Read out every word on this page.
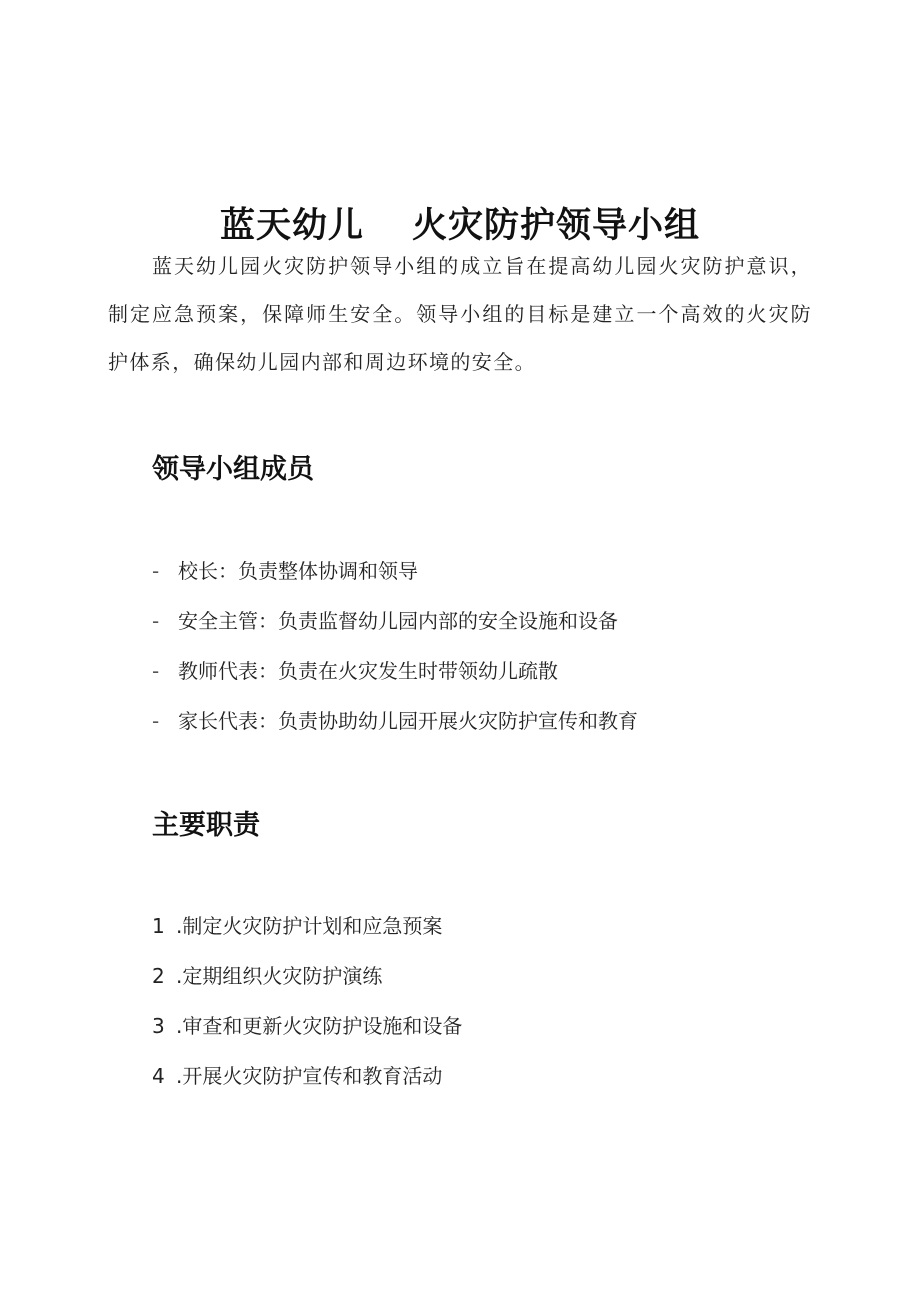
蓝天幼儿 火灾防护领导小组

蓝天幼儿园火灾防护领导小组的成立旨在提高幼儿园火灾防护意识，制定应急预案，保障师生安全。领导小组的目标是建立一个高效的火灾防护体系，确保幼儿园内部和周边环境的安全。

领导小组成员
- 校长：负责整体协调和领导
- 安全主管：负责监督幼儿园内部的安全设施和设备
- 教师代表：负责在火灾发生时带领幼儿疏散
- 家长代表：负责协助幼儿园开展火灾防护宣传和教育
主要职责
1 .制定火灾防护计划和应急预案
2 .定期组织火灾防护演练
3 .审查和更新火灾防护设施和设备
4 .开展火灾防护宣传和教育活动
